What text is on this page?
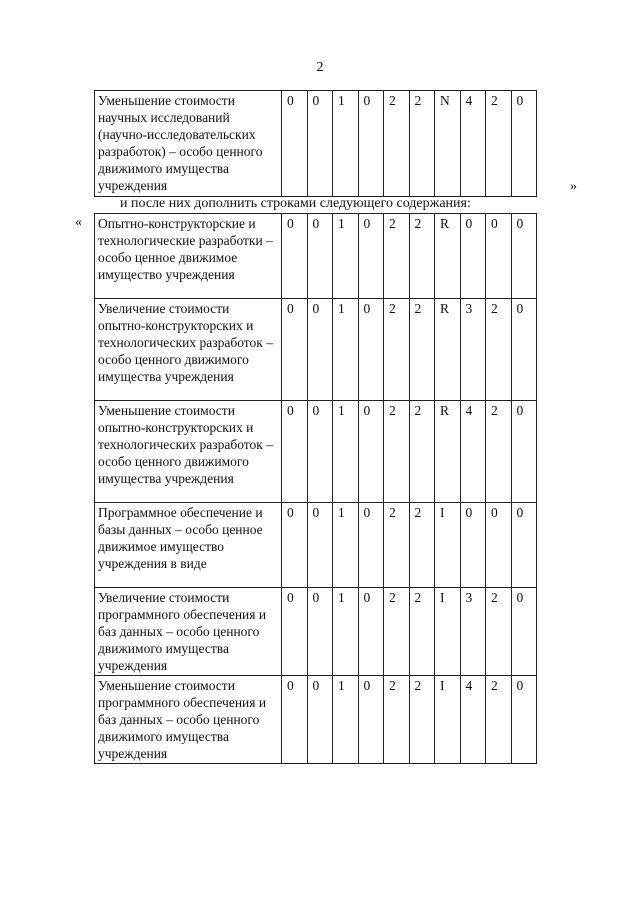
2
Уменьшение стоимости научных исследований (научно-исследовательских разработок) – особо ценного движимого имущества учреждения	0	0	1	0	2	2	N	4	2	0
»
и после них дополнить строками следующего содержания:
« Опытно-конструкторские и технологические разработки – особо ценное движимое имущество учреждения	0	0	1	0	2	2	R	0	0	0
Увеличение стоимости опытно-конструкторских и технологических разработок – особо ценного движимого имущества учреждения	0	0	1	0	2	2	R	3	2	0
Уменьшение стоимости опытно-конструкторских и технологических разработок – особо ценного движимого имущества учреждения	0	0	1	0	2	2	R	4	2	0
Программное обеспечение и базы данных – особо ценное движимое имущество учреждения в виде	0	0	1	0	2	2	I	0	0	0
Увеличение стоимости программного обеспечения и баз данных – особо ценного движимого имущества учреждения	0	0	1	0	2	2	I	3	2	0
Уменьшение стоимости программного обеспечения и баз данных – особо ценного движимого имущества учреждения	0	0	1	0	2	2	I	4	2	0
